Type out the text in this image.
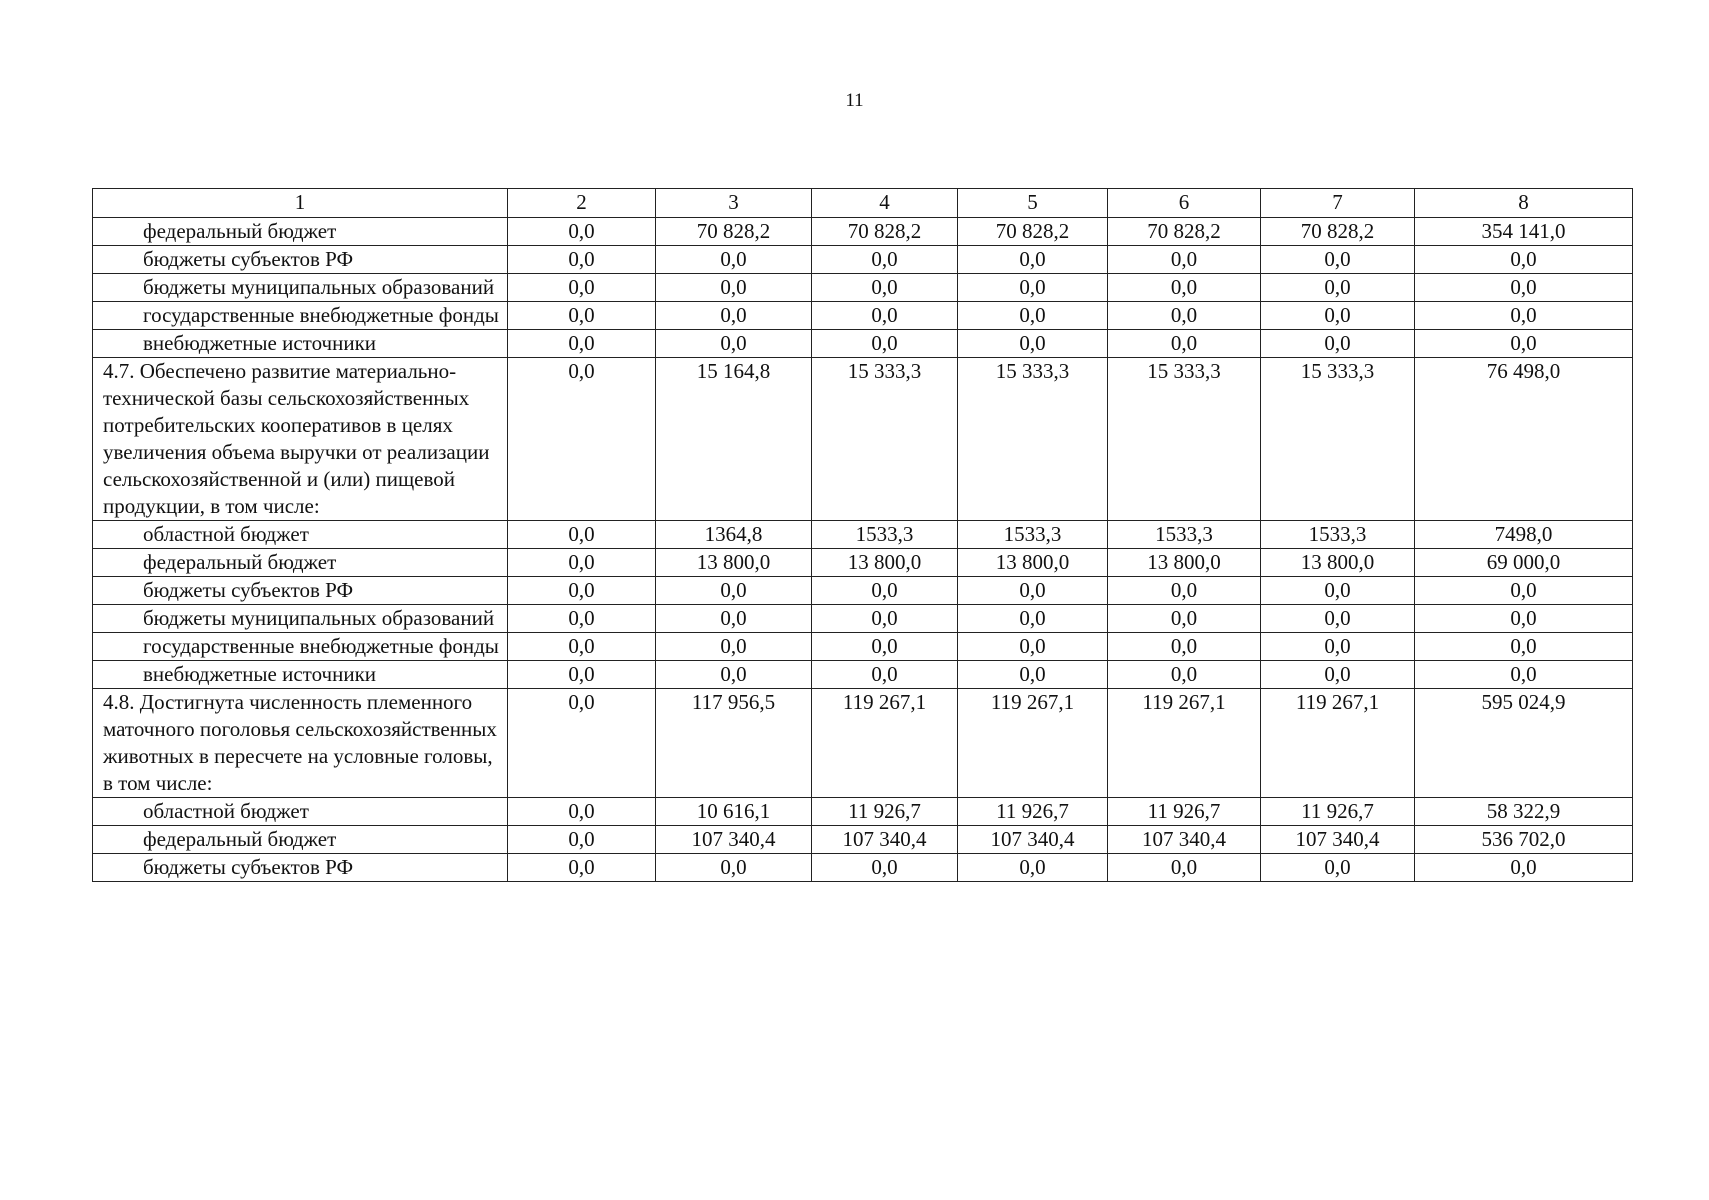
11
1	2	3	4	5	6	7	8
федеральный бюджет	0,0	70 828,2	70 828,2	70 828,2	70 828,2	70 828,2	354 141,0
бюджеты субъектов РФ	0,0	0,0	0,0	0,0	0,0	0,0	0,0
бюджеты муниципальных образований	0,0	0,0	0,0	0,0	0,0	0,0	0,0
государственные внебюджетные фонды	0,0	0,0	0,0	0,0	0,0	0,0	0,0
внебюджетные источники	0,0	0,0	0,0	0,0	0,0	0,0	0,0
4.7. Обеспечено развитие материально-технической базы сельскохозяйственных потребительских кооперативов в целях увеличения объема выручки от реализации сельскохозяйственной и (или) пищевой продукции, в том числе:	0,0	15 164,8	15 333,3	15 333,3	15 333,3	15 333,3	76 498,0
областной бюджет	0,0	1364,8	1533,3	1533,3	1533,3	1533,3	7498,0
федеральный бюджет	0,0	13 800,0	13 800,0	13 800,0	13 800,0	13 800,0	69 000,0
бюджеты субъектов РФ	0,0	0,0	0,0	0,0	0,0	0,0	0,0
бюджеты муниципальных образований	0,0	0,0	0,0	0,0	0,0	0,0	0,0
государственные внебюджетные фонды	0,0	0,0	0,0	0,0	0,0	0,0	0,0
внебюджетные источники	0,0	0,0	0,0	0,0	0,0	0,0	0,0
4.8. Достигнута численность племенного маточного поголовья сельскохозяйственных животных в пересчете на условные головы, в том числе:	0,0	117 956,5	119 267,1	119 267,1	119 267,1	119 267,1	595 024,9
областной бюджет	0,0	10 616,1	11 926,7	11 926,7	11 926,7	11 926,7	58 322,9
федеральный бюджет	0,0	107 340,4	107 340,4	107 340,4	107 340,4	107 340,4	536 702,0
бюджеты субъектов РФ	0,0	0,0	0,0	0,0	0,0	0,0	0,0
